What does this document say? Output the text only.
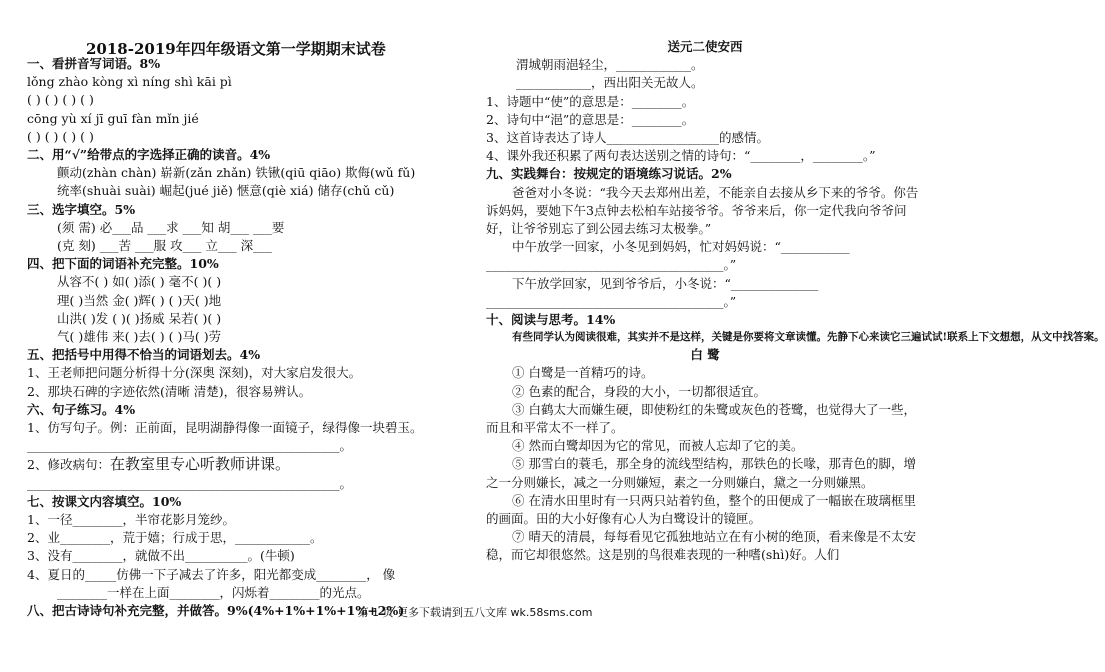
2018-2019年四年级语文第一学期期末试卷
一、看拼音写词语。8%
lǒng zhào kòng xì níng shì kāi pì
( ) ( ) ( ) ( )
cōng yù xí jī guī fàn mǐn jié
( ) ( ) ( ) ( )
二、用“√”给带点的字选择正确的读音。4%
颤动(zhàn chàn) 崭新(zǎn zhǎn) 铁锹(qiū qiāo) 欺侮(wǔ fǔ)
统率(shuài suài) 崛起(jué jiě) 惬意(qiè xiá) 储存(chǔ cǔ)
三、选字填空。5%
(须 需) 必___品 ___求 ___知 胡___ ___要
(克 刻) ___苦 ___服 攻___ 立___ 深___
四、把下面的词语补充完整。10%
从容不( ) 如( )添( ) 毫不( )( )
理( )当然 金( )辉( ) ( )天( )地
山洪( )发 ( )( )扬威 呆若( )( )
气( )雄伟 来( )去( ) ( )马( )劳
五、把括号中用得不恰当的词语划去。4%
1、王老师把问题分析得十分(深奥 深刻)，对大家启发很大。
2、那块石碑的字迹依然(清晰 清楚)，很容易辨认。
六、句子练习。4%
1、仿写句子。例：正前面，昆明湖静得像一面镜子，绿得像一块碧玉。
__________________________________________________。
2、修改病句：在教室里专心听教师讲课。
__________________________________________________。
七、按课文内容填空。10%
1、一径________，半帘花影月笼纱。
2、业________，荒于嬉；行成于思，____________。
3、没有________，就做不出__________。(牛顿)
4、夏日的_____仿佛一下子减去了许多，阳光都变成________， 像
________一样在上面________，闪烁着________的光点。
八、把古诗诗句补充完整，并做答。9%(4%+1%+1%+1%+2%)
送元二使安西
渭城朝雨浥轻尘，____________。
____________，西出阳关无故人。
1、诗题中“使”的意思是：________。
2、诗句中“浥”的意思是：________。
3、这首诗表达了诗人__________________的感情。
4、课外我还积累了两句表达送别之情的诗句：“________，________。”
九、实践舞台：按规定的语境练习说话。2%
爸爸对小冬说：“我今天去郑州出差，不能亲自去接从乡下来的爷爷。你告诉妈妈，要她下午3点钟去松柏车站接爷爷。爷爷来后，你一定代我向爷爷问好，让爷爷别忘了到公园去练习太极拳。”
中午放学一回家，小冬见到妈妈，忙对妈妈说：“___________
______________________________________。”
下午放学回家，见到爷爷后，小冬说：“______________
______________________________________。”
十、阅读与思考。14%
有些同学认为阅读很难，其实并不是这样，关键是你要将文章读懂。先静下心来读它三遍试试!联系上下文想想，从文中找答案。
白 鹭
① 白鹭是一首精巧的诗。
② 色素的配合，身段的大小，一切都很适宜。
③ 白鹤太大而嫌生硬，即使粉红的朱鹭或灰色的苍鹭，也觉得大了一些，而且和平常太不一样了。
④ 然而白鹭却因为它的常见，而被人忘却了它的美。
⑤ 那雪白的蓑毛，那全身的流线型结构，那铁色的长喙，那青色的脚，增之一分则嫌长，减之一分则嫌短，素之一分则嫌白，黛之一分则嫌黑。
⑥ 在清水田里时有一只两只站着钓鱼，整个的田便成了一幅嵌在玻璃框里的画面。田的大小好像有心人为白鹭设计的镜匣。
⑦ 晴天的清晨，每每看见它孤独地站立在有小树的绝顶，看来像是不太安稳，而它却很悠然。这是别的鸟很难表现的一种嗜(shì)好。人们
第 1 页 更多下载请到五八文库 wk.58sms.com
